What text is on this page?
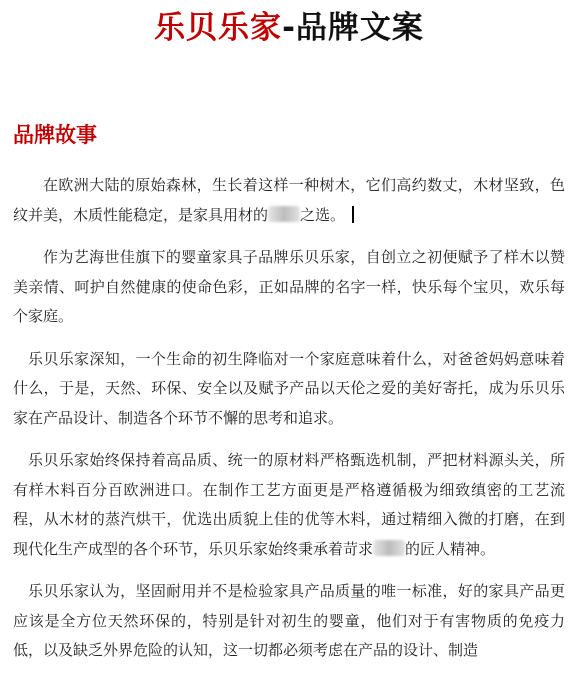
乐贝乐家-品牌文案
品牌故事

在欧洲大陆的原始森林，生长着这样一种树木，它们高约数丈，木材坚致，色纹并美，木质性能稳定，是家具用材的 之选。

作为艺海世佳旗下的婴童家具子品牌乐贝乐家，自创立之初便赋予了样木以赞美亲情、呵护自然健康的使命色彩，正如品牌的名字一样，快乐每个宝贝，欢乐每个家庭。

乐贝乐家深知，一个生命的初生降临对一个家庭意味着什么，对爸爸妈妈意味着什么，于是，天然、环保、安全以及赋予产品以天伦之爱的美好寄托，成为乐贝乐家在产品设计、制造各个环节不懈的思考和追求。

乐贝乐家始终保持着高品质、统一的原材料严格甄选机制，严把材料源头关，所有样木料百分百欧洲进口。在制作工艺方面更是严格遵循极为细致缜密的工艺流程，从木材的蒸汽烘干，优选出质貌上佳的优等木料，通过精细入微的打磨，在到现代化生产成型的各个环节，乐贝乐家始终秉承着苛求 的匠人精神。

乐贝乐家认为，坚固耐用并不是检验家具产品质量的唯一标准，好的家具产品更应该是全方位天然环保的，特别是针对初生的婴童，他们对于有害物质的免疫力低，以及缺乏外界危险的认知，这一切都必须考虑在产品的设计、制造
